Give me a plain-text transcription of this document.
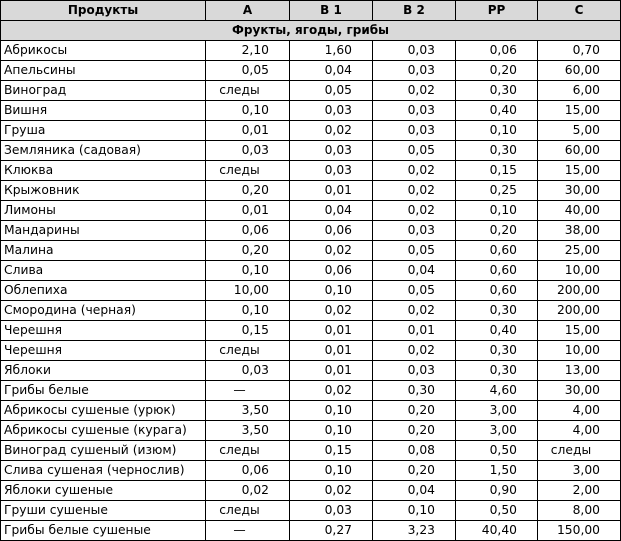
Продукты	A	B 1	B 2	PP	C
Фрукты, ягоды, грибы					
Абрикосы	2,10	1,60	0,03	0,06	0,70
Апельсины	0,05	0,04	0,03	0,20	60,00
Виноград	следы	0,05	0,02	0,30	6,00
Вишня	0,10	0,03	0,03	0,40	15,00
Груша	0,01	0,02	0,03	0,10	5,00
Земляника (садовая)	0,03	0,03	0,05	0,30	60,00
Клюква	следы	0,03	0,02	0,15	15,00
Крыжовник	0,20	0,01	0,02	0,25	30,00
Лимоны	0,01	0,04	0,02	0,10	40,00
Мандарины	0,06	0,06	0,03	0,20	38,00
Малина	0,20	0,02	0,05	0,60	25,00
Слива	0,10	0,06	0,04	0,60	10,00
Облепиха	10,00	0,10	0,05	0,60	200,00
Смородина (черная)	0,10	0,02	0,02	0,30	200,00
Черешня	0,15	0,01	0,01	0,40	15,00
Черешня	следы	0,01	0,02	0,30	10,00
Яблоки	0,03	0,01	0,03	0,30	13,00
Грибы белые	—	0,02	0,30	4,60	30,00
Абрикосы сушеные (урюк)	3,50	0,10	0,20	3,00	4,00
Абрикосы сушеные (курага)	3,50	0,10	0,20	3,00	4,00
Виноград сушеный (изюм)	следы	0,15	0,08	0,50	следы
Слива сушеная (чернослив)	0,06	0,10	0,20	1,50	3,00
Яблоки сушеные	0,02	0,02	0,04	0,90	2,00
Груши сушеные	следы	0,03	0,10	0,50	8,00
Грибы белые сушеные	—	0,27	3,23	40,40	150,00
